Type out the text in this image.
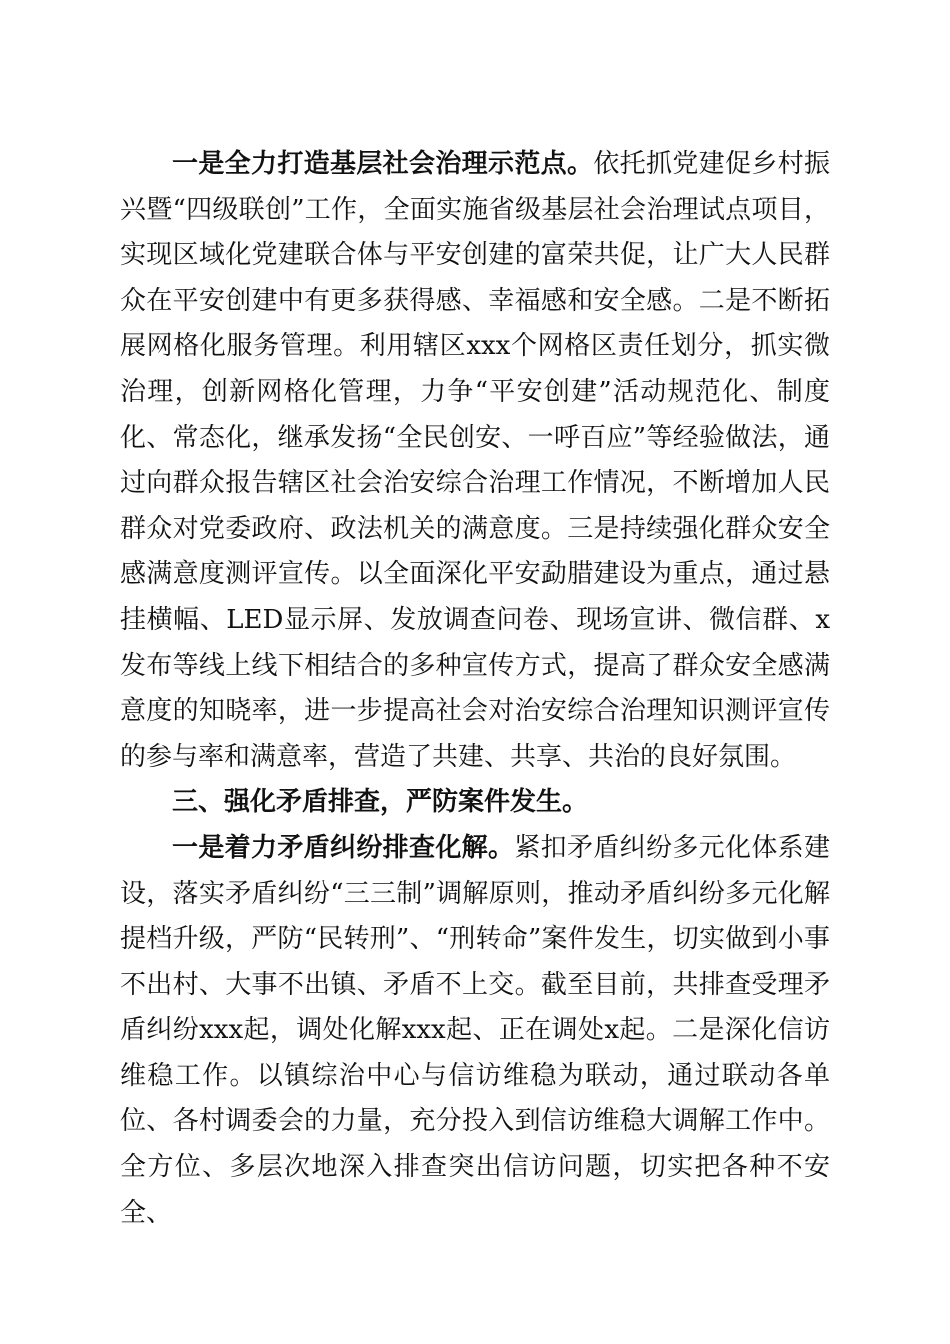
一是全力打造基层社会治理示范点。依托抓党建促乡村振兴暨“四级联创”工作，全面实施省级基层社会治理试点项目，实现区域化党建联合体与平安创建的富荣共促，让广大人民群众在平安创建中有更多获得感、幸福感和安全感。二是不断拓展网格化服务管理。利用辖区xxx个网格区责任划分，抓实微治理，创新网格化管理，力争“平安创建”活动规范化、制度化、常态化，继承发扬“全民创安、一呼百应”等经验做法，通过向群众报告辖区社会治安综合治理工作情况，不断增加人民群众对党委政府、政法机关的满意度。三是持续强化群众安全感满意度测评宣传。以全面深化平安勐腊建设为重点，通过悬挂横幅、LED显示屏、发放调查问卷、现场宣讲、微信群、x发布等线上线下相结合的多种宣传方式，提高了群众安全感满意度的知晓率，进一步提高社会对治安综合治理知识测评宣传的参与率和满意率，营造了共建、共享、共治的良好氛围。

三、强化矛盾排查，严防案件发生。

一是着力矛盾纠纷排查化解。紧扣矛盾纠纷多元化体系建设，落实矛盾纠纷“三三制”调解原则，推动矛盾纠纷多元化解提档升级，严防“民转刑”、“刑转命”案件发生，切实做到小事不出村、大事不出镇、矛盾不上交。截至目前，共排查受理矛盾纠纷xxx起，调处化解xxx起、正在调处x起。二是深化信访维稳工作。以镇综治中心与信访维稳为联动，通过联动各单位、各村调委会的力量，充分投入到信访维稳大调解工作中。全方位、多层次地深入排查突出信访问题，切实把各种不安全、
